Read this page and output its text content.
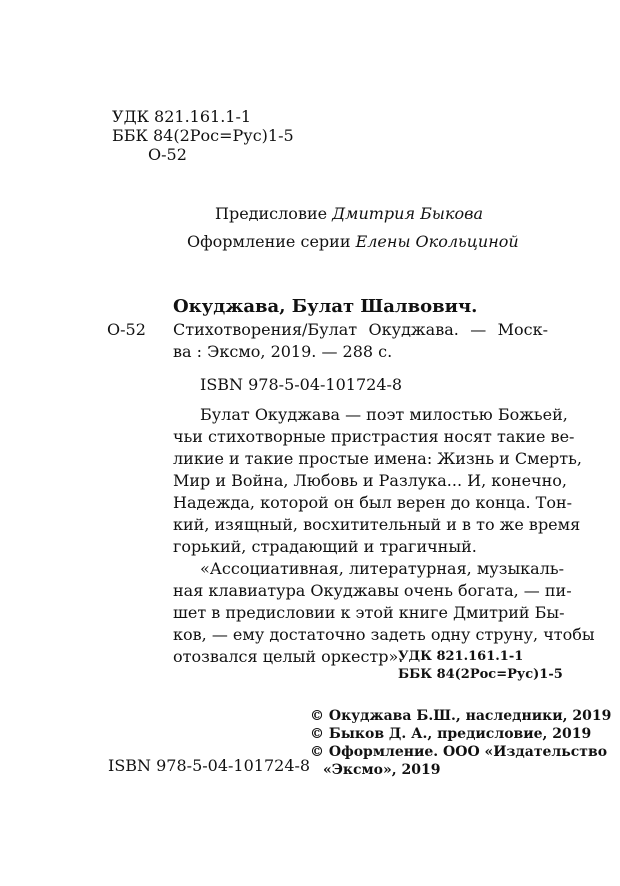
УДК 821.161.1-1
ББК 84(2Рос=Рус)1-5
О-52
Предисловие Дмитрия Быкова
Оформление серии Елены Окольциной
Окуджава, Булат Шалвович.
О-52 Стихотворения/Булат Окуджава. — Моск-
ва : Эксмо, 2019. — 288 с.
ISBN 978-5-04-101724-8
Булат Окуджава — поэт милостью Божьей,
чьи стихотворные пристрастия носят такие ве-
ликие и такие простые имена: Жизнь и Смерть,
Мир и Война, Любовь и Разлука... И, конечно,
Надежда, которой он был верен до конца. Тон-
кий, изящный, восхитительный и в то же время
горький, страдающий и трагичный.
«Ассоциативная, литературная, музыкаль-
ная клавиатура Окуджавы очень богата, — пи-
шет в предисловии к этой книге Дмитрий Бы-
ков, — ему достаточно задеть одну струну, чтобы
отозвался целый оркестр».
УДК 821.161.1-1
ББК 84(2Рос=Рус)1-5
© Окуджава Б.Ш., наследники, 2019
© Быков Д. А., предисловие, 2019
© Оформление. ООО «Издательство
«Эксмо», 2019
ISBN 978-5-04-101724-8
